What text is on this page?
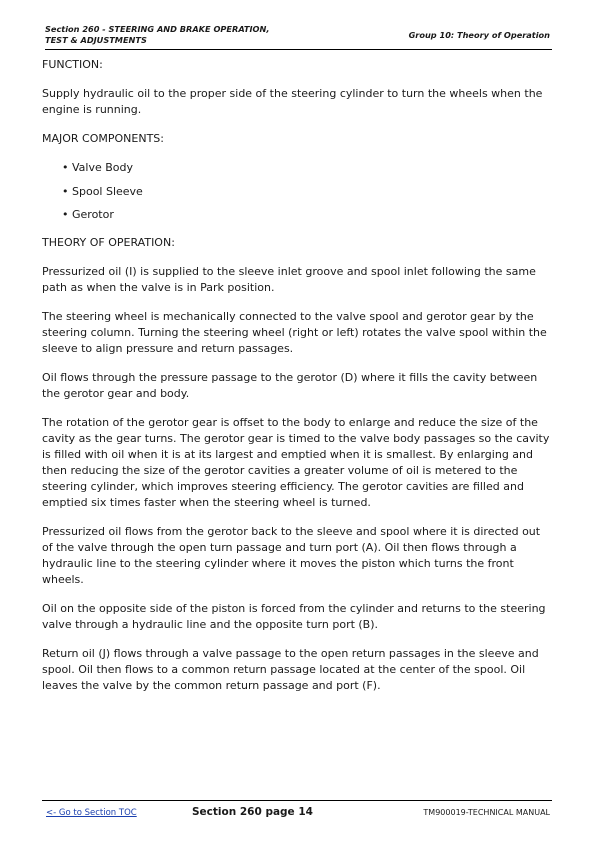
Section 260 - STEERING AND BRAKE OPERATION,
TEST & ADJUSTMENTS	Group 10: Theory of Operation

FUNCTION:

Supply hydraulic oil to the proper side of the steering cylinder to turn the wheels when the engine is running.

MAJOR COMPONENTS:

• Valve Body
• Spool Sleeve
• Gerotor

THEORY OF OPERATION:

Pressurized oil (I) is supplied to the sleeve inlet groove and spool inlet following the same path as when the valve is in Park position.

The steering wheel is mechanically connected to the valve spool and gerotor gear by the steering column. Turning the steering wheel (right or left) rotates the valve spool within the sleeve to align pressure and return passages.

Oil flows through the pressure passage to the gerotor (D) where it fills the cavity between the gerotor gear and body.

The rotation of the gerotor gear is offset to the body to enlarge and reduce the size of the cavity as the gear turns. The gerotor gear is timed to the valve body passages so the cavity is filled with oil when it is at its largest and emptied when it is smallest. By enlarging and then reducing the size of the gerotor cavities a greater volume of oil is metered to the steering cylinder, which improves steering efficiency. The gerotor cavities are filled and emptied six times faster when the steering wheel is turned.

Pressurized oil flows from the gerotor back to the sleeve and spool where it is directed out of the valve through the open turn passage and turn port (A). Oil then flows through a hydraulic line to the steering cylinder where it moves the piston which turns the front wheels.

Oil on the opposite side of the piston is forced from the cylinder and returns to the steering valve through a hydraulic line and the opposite turn port (B).

Return oil (J) flows through a valve passage to the open return passages in the sleeve and spool. Oil then flows to a common return passage located at the center of the spool. Oil leaves the valve by the common return passage and port (F).

<- Go to Section TOC	Section 260 page 14	TM900019-TECHNICAL MANUAL
